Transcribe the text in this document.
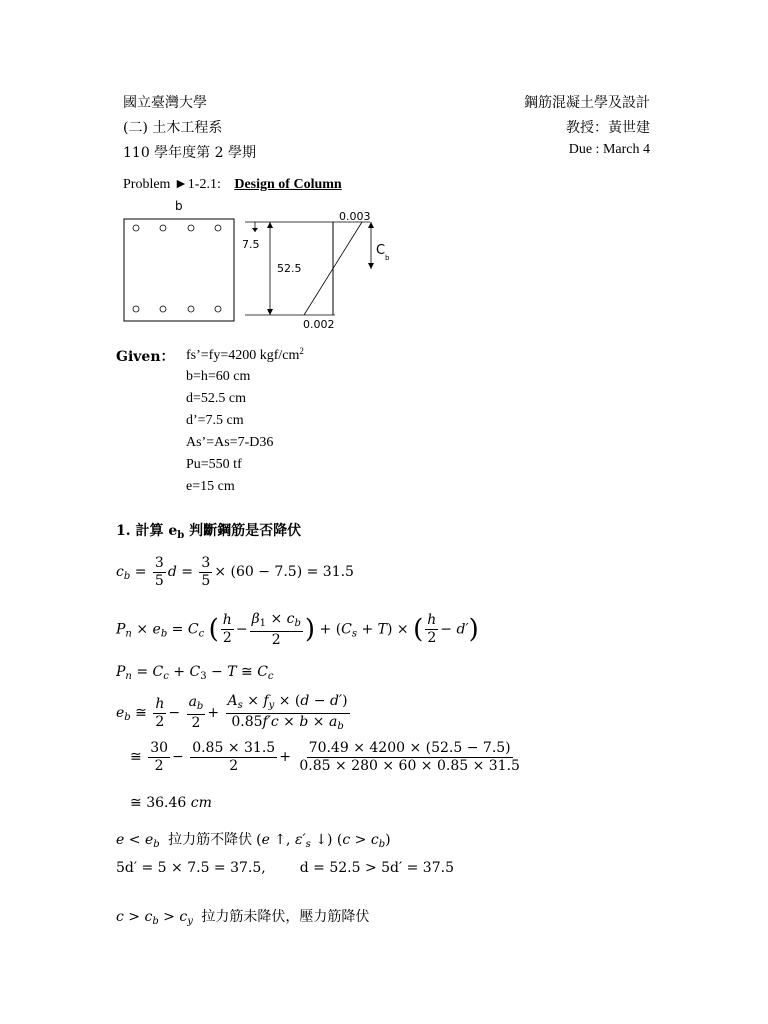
國立臺灣大學
(二) 土木工程系
110 學年度第 2 學期
鋼筋混凝土學及設計
教授：黃世建
Due : March 4
Problem ►1-2.1: Design of Column
b
7.5
52.5
C b
0.003
0.002
Given： fs’=fy=4200 kgf/$cm^2$
b=h=60 cm
d=52.5 cm
d’=7.5 cm
As’=As=7-D36
Pu=550 tf
e=15 cm
1. 計算 $e_b$ 判斷鋼筋是否降伏
$c_b = \frac{3}{5}$ $d = \frac{3}{5} \times (60 - 7.5) = 31.5$
$P_n \times e_b = C_c$ ( $\frac{h}{2} - \frac{\beta_1 \times c_b}{2}$ ) + $(C_s + T)$ × ( $\frac{h}{2} - d'$)
$P_n = C_c + C_3 - T$ ≅ $C_c$
$e_b$ ≅ $\frac{h}{2} - \frac{a_b}{2} + \frac{A_s \times f_y \times (d - d')}{0.85f'c \times b \times a_b}$
≅ $\frac{30}{2} - \frac{0.85 \times 31.5}{2} + \frac{70.49 \times 4200 \times (52.5 - 7.5)}{0.85 \times 280 \times 60 \times 0.85 \times 31.5}$
≅ 36.46 cm
$e < e_b$ 拉力筋不降伏 (e ↑, $\varepsilon'_s$ ↓) $(c > c_b)$
5d′ = 5 × 7.5 = 37.5, d = 52.5 > 5d′ = 37.5
$c > c_b > c_y$ 拉力筋未降伏，壓力筋降伏
